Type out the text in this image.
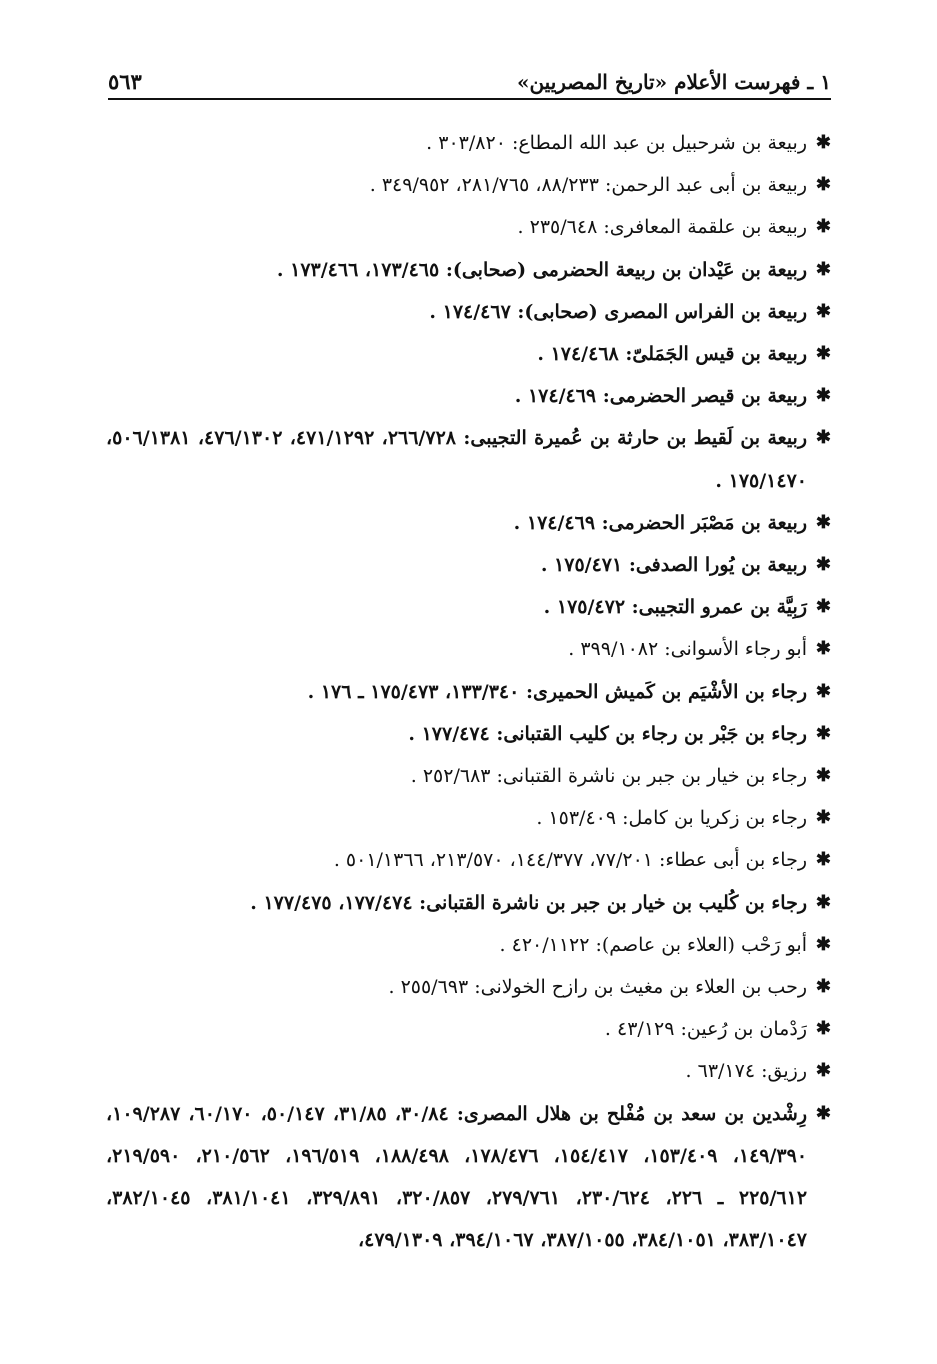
١ ـ فهرست الأعلام «تاريخ المصريين»
٥٦٣
✱
ربيعة بن شرحبيل بن عبد الله المطاع: ٣٠٣/٨٢٠ .
✱
ربيعة بن أبى عبد الرحمن: ٨٨/٢٣٣، ٢٨١/٧٦٥، ٣٤٩/٩٥٢ .
✱
ربيعة بن علقمة المعافرى: ٢٣٥/٦٤٨ .
✱
ربيعة بن عَيْدان بن ربيعة الحضرمى (صحابى): ١٧٣/٤٦٥، ١٧٣/٤٦٦ .
✱
ربيعة بن الفراس المصرى (صحابى): ١٧٤/٤٦٧ .
✱
ربيعة بن قيس الجَمَلىّ: ١٧٤/٤٦٨ .
✱
ربيعة بن قيصر الحضرمى: ١٧٤/٤٦٩ .
✱
ربيعة بن لَقيط بن حارثة بن عُميرة التجيبى: ٢٦٦/٧٢٨، ٤٧١/١٢٩٢، ٤٧٦/١٣٠٢، ٥٠٦/١٣٨١، ١٧٥/١٤٧٠ .
✱
ربيعة بن مَصْبَر الحضرمى: ١٧٤/٤٦٩ .
✱
ربيعة بن يُورا الصدفى: ١٧٥/٤٧١ .
✱
رَبِيَّة بن عمرو التجيبى: ١٧٥/٤٧٢ .
✱
أبو رجاء الأسوانى: ٣٩٩/١٠٨٢ .
✱
رجاء بن الأشْيَم بن كَميش الحميرى: ١٣٣/٣٤٠، ١٧٥/٤٧٣ ـ ١٧٦ .
✱
رجاء بن جَبْر بن رجاء بن كليب القتبانى: ١٧٧/٤٧٤ .
✱
رجاء بن خيار بن جبر بن ناشرة القتبانى: ٢٥٢/٦٨٣ .
✱
رجاء بن زكريا بن كامل: ١٥٣/٤٠٩ .
✱
رجاء بن أبى عطاء: ٧٧/٢٠١، ١٤٤/٣٧٧، ٢١٣/٥٧٠، ٥٠١/١٣٦٦ .
✱
رجاء بن كُليب بن خيار بن جبر بن ناشرة القتبانى: ١٧٧/٤٧٤، ١٧٧/٤٧٥ .
✱
أبو رَحْب (العلاء بن عاصم): ٤٢٠/١١٢٢ .
✱
رحب بن العلاء بن مغيث بن رازح الخولانى: ٢٥٥/٦٩٣ .
✱
رَدْمان بن رُعين: ٤٣/١٢٩ .
✱
رزيق: ٦٣/١٧٤ .
✱
رِشْدين بن سعد بن مُفْلح بن هلال المصرى: ٣٠/٨٤، ٣١/٨٥، ٥٠/١٤٧، ٦٠/١٧٠، ١٠٩/٢٨٧، ١٤٩/٣٩٠، ١٥٣/٤٠٩، ١٥٤/٤١٧، ١٧٨/٤٧٦، ١٨٨/٤٩٨، ١٩٦/٥١٩، ٢١٠/٥٦٢، ٢١٩/٥٩٠، ٢٢٥/٦١٢ ـ ٢٢٦، ٢٣٠/٦٢٤، ٢٧٩/٧٦١، ٣٢٠/٨٥٧، ٣٢٩/٨٩١، ٣٨١/١٠٤١، ٣٨٢/١٠٤٥، ٣٨٣/١٠٤٧، ٣٨٤/١٠٥١، ٣٨٧/١٠٥٥، ٣٩٤/١٠٦٧، ٤٧٩/١٣٠٩،
